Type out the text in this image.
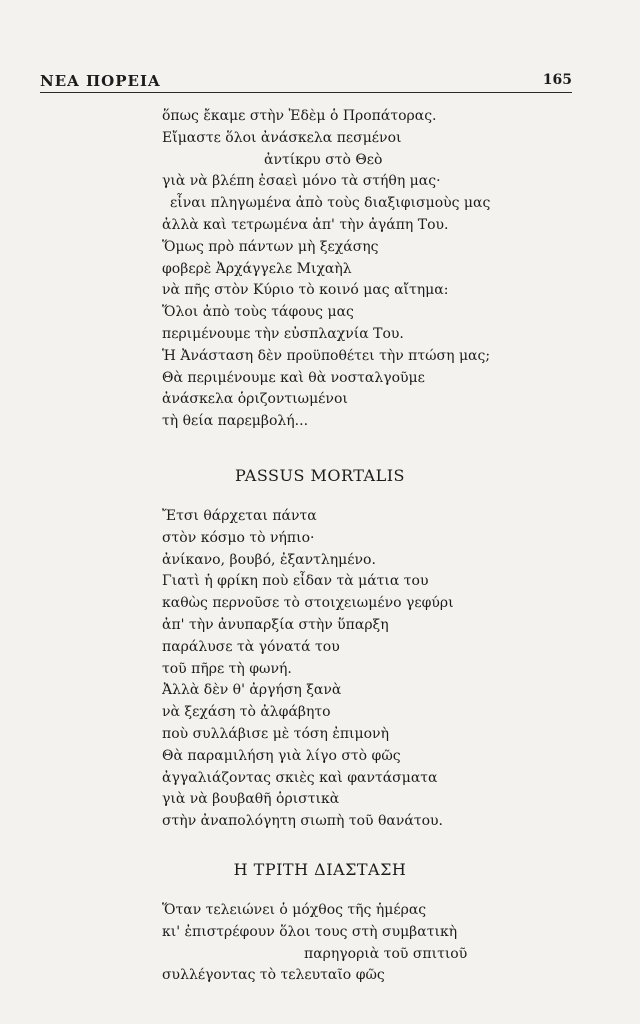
ΝΕΑ ΠΟΡΕΙΑ	165
ὅπως ἔκαμε στὴν Ἐδὲμ ὁ Προπάτορας.
Εἴμαστε ὅλοι ἀνάσκελα πεσμένοι
ἀντίκρυ στὸ Θεὸ
γιὰ νὰ βλέπη ἐσαεὶ μόνο τὰ στήθη μας·
εἶναι πληγωμένα ἀπὸ τοὺς διαξιφισμοὺς μας
ἀλλὰ καὶ τετρωμένα ἀπ' τὴν ἀγάπη Του.
Ὅμως πρὸ πάντων μὴ ξεχάσης
φοβερὲ Ἀρχάγγελε Μιχαὴλ
νὰ πῆς στὸν Κύριο τὸ κοινό μας αἴτημα:
Ὅλοι ἀπὸ τοὺς τάφους μας
περιμένουμε τὴν εὐσπλαχνία Του.
Ἡ Ἀνάσταση δὲν προϋποθέτει τὴν πτώση μας;
Θὰ περιμένουμε καὶ θὰ νοσταλγοῦμε
ἀνάσκελα ὁριζοντιωμένοι
τὴ θεία παρεμβολή...
PASSUS MORTALIS
Ἔτσι θάρχεται πάντα
στὸν κόσμο τὸ νήπιο·
ἀνίκανο, βουβό, ἐξαντλημένο.
Γιατὶ ἡ φρίκη ποὺ εἶδαν τὰ μάτια του
καθὼς περνοῦσε τὸ στοιχειωμένο γεφύρι
ἀπ' τὴν ἀνυπαρξία στὴν ὕπαρξη
παράλυσε τὰ γόνατά του
τοῦ πῆρε τὴ φωνή.
Ἀλλὰ δὲν θ' ἀργήση ξανὰ
νὰ ξεχάση τὸ ἀλφάβητο
ποὺ συλλάβισε μὲ τόση ἐπιμονὴ
Θὰ παραμιλήση γιὰ λίγο στὸ φῶς
ἀγγαλιάζοντας σκιὲς καὶ φαντάσματα
γιὰ νὰ βουβαθῆ ὁριστικὰ
στὴν ἀναπολόγητη σιωπὴ τοῦ θανάτου.
Η ΤΡΙΤΗ ΔΙΑΣΤΑΣΗ
Ὅταν τελειώνει ὁ μόχθος τῆς ἡμέρας
κι' ἐπιστρέφουν ὅλοι τους στὴ συμβατικὴ
παρηγοριὰ τοῦ σπιτιοῦ
συλλέγοντας τὸ τελευταῖο φῶς
